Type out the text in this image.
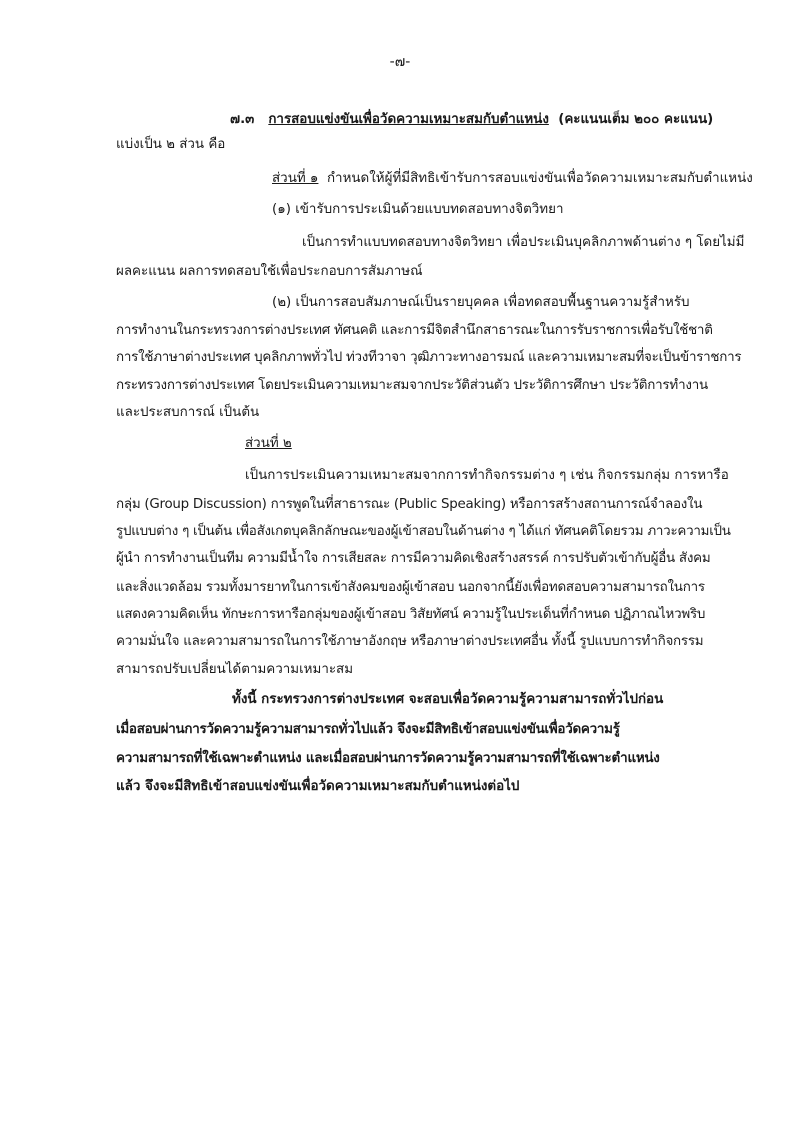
-๗-
๗.๓ การสอบแข่งขันเพื่อวัดความเหมาะสมกับตำแหน่ง (คะแนนเต็ม ๒๐๐ คะแนน)
แบ่งเป็น ๒ ส่วน คือ
ส่วนที่ ๑ กำหนดให้ผู้ที่มีสิทธิเข้ารับการสอบแข่งขันเพื่อวัดความเหมาะสมกับตำแหน่ง
(๑) เข้ารับการประเมินด้วยแบบทดสอบทางจิตวิทยา
เป็นการทำแบบทดสอบทางจิตวิทยา เพื่อประเมินบุคลิกภาพด้านต่าง ๆ โดยไม่มี
ผลคะแนน ผลการทดสอบใช้เพื่อประกอบการสัมภาษณ์
(๒) เป็นการสอบสัมภาษณ์เป็นรายบุคคล เพื่อทดสอบพื้นฐานความรู้สำหรับ
การทำงานในกระทรวงการต่างประเทศ ทัศนคติ และการมีจิตสำนึกสาธารณะในการรับราชการเพื่อรับใช้ชาติ
การใช้ภาษาต่างประเทศ บุคลิกภาพทั่วไป ท่วงทีวาจา วุฒิภาวะทางอารมณ์ และความเหมาะสมที่จะเป็นข้าราชการ
กระทรวงการต่างประเทศ โดยประเมินความเหมาะสมจากประวัติส่วนตัว ประวัติการศึกษา ประวัติการทำงาน
และประสบการณ์ เป็นต้น
ส่วนที่ ๒
เป็นการประเมินความเหมาะสมจากการทำกิจกรรมต่าง ๆ เช่น กิจกรรมกลุ่ม การหารือ
กลุ่ม (Group Discussion) การพูดในที่สาธารณะ (Public Speaking) หรือการสร้างสถานการณ์จำลองใน
รูปแบบต่าง ๆ เป็นต้น เพื่อสังเกตบุคลิกลักษณะของผู้เข้าสอบในด้านต่าง ๆ ได้แก่ ทัศนคติโดยรวม ภาวะความเป็น
ผู้นำ การทำงานเป็นทีม ความมีน้ำใจ การเสียสละ การมีความคิดเชิงสร้างสรรค์ การปรับตัวเข้ากับผู้อื่น สังคม
และสิ่งแวดล้อม รวมทั้งมารยาทในการเข้าสังคมของผู้เข้าสอบ นอกจากนี้ยังเพื่อทดสอบความสามารถในการ
แสดงความคิดเห็น ทักษะการหารือกลุ่มของผู้เข้าสอบ วิสัยทัศน์ ความรู้ในประเด็นที่กำหนด ปฏิภาณไหวพริบ
ความมั่นใจ และความสามารถในการใช้ภาษาอังกฤษ หรือภาษาต่างประเทศอื่น ทั้งนี้ รูปแบบการทำกิจกรรม
สามารถปรับเปลี่ยนได้ตามความเหมาะสม
ทั้งนี้ กระทรวงการต่างประเทศ จะสอบเพื่อวัดความรู้ความสามารถทั่วไปก่อน
เมื่อสอบผ่านการวัดความรู้ความสามารถทั่วไปแล้ว จึงจะมีสิทธิเข้าสอบแข่งขันเพื่อวัดความรู้
ความสามารถที่ใช้เฉพาะตำแหน่ง และเมื่อสอบผ่านการวัดความรู้ความสามารถที่ใช้เฉพาะตำแหน่ง
แล้ว จึงจะมีสิทธิเข้าสอบแข่งขันเพื่อวัดความเหมาะสมกับตำแหน่งต่อไป
